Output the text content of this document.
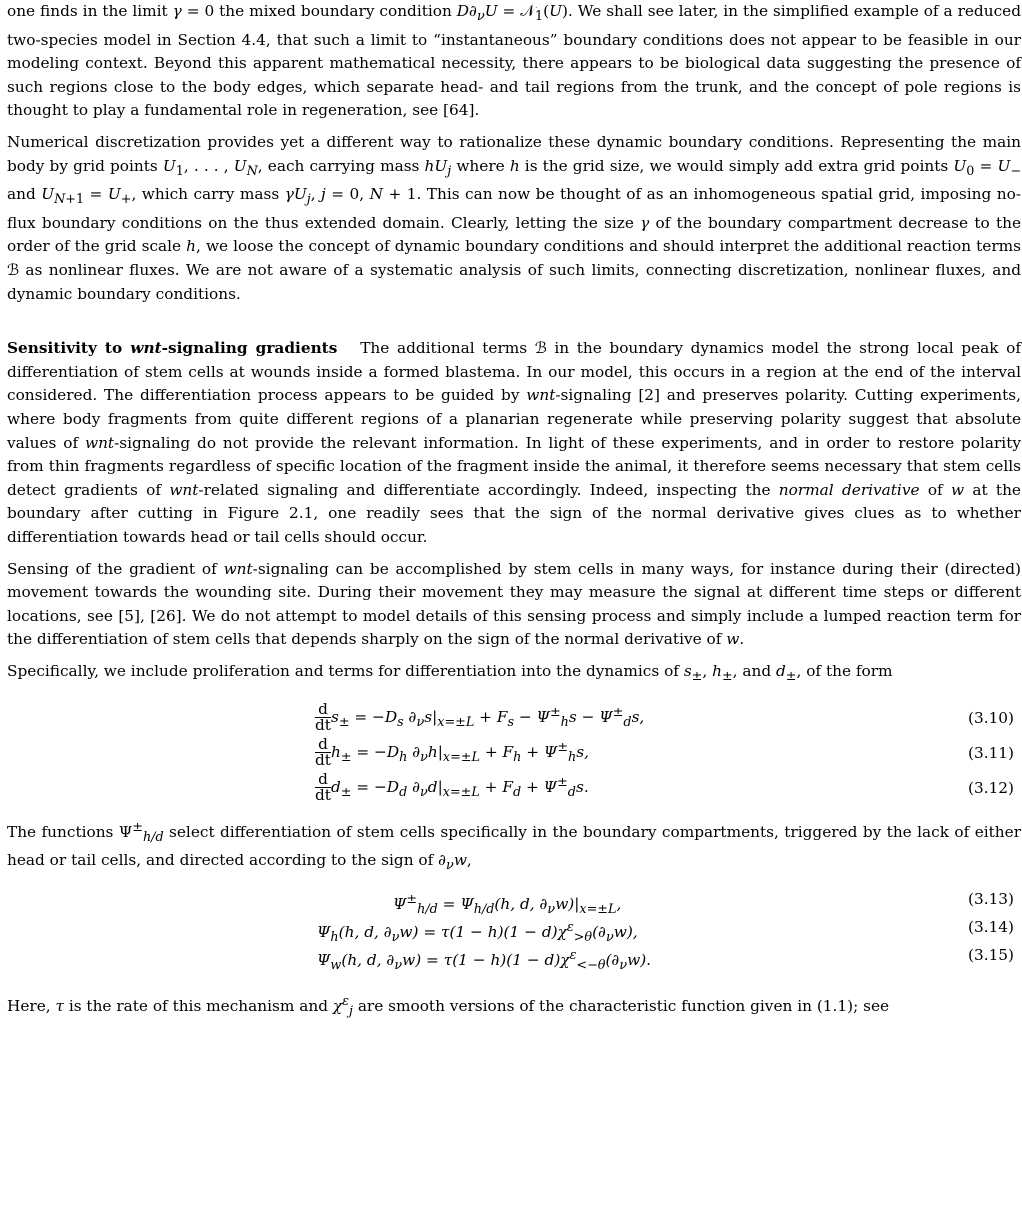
one finds in the limit γ = 0 the mixed boundary condition $D\partial_\nu U$ = 𝒩$_1$(U). We shall see later, in the simplified example of a reduced two-species model in Section 4.4, that such a limit to “instantaneous” boundary conditions does not appear to be feasible in our modeling context. Beyond this apparent mathematical necessity, there appears to be biological data suggesting the presence of such regions close to the body edges, which separate head- and tail regions from the trunk, and the concept of pole regions is thought to play a fundamental role in regeneration, see [64].

Numerical discretization provides yet a different way to rationalize these dynamic boundary conditions. Representing the main body by grid points $U_1$, . . . , $U_N$, each carrying mass $hU_j$ where h is the grid size, we would simply add extra grid points $U_0 = U_-$ and $U_{N+1} = U_+$, which carry mass $\gamma U_j$, j = 0, N + 1. This can now be thought of as an inhomogeneous spatial grid, imposing no-flux boundary conditions on the thus extended domain. Clearly, letting the size γ of the boundary compartment decrease to the order of the grid scale h, we loose the concept of dynamic boundary conditions and should interpret the additional reaction terms ℬ as nonlinear fluxes. We are not aware of a systematic analysis of such limits, connecting discretization, nonlinear fluxes, and dynamic boundary conditions.

Sensitivity to wnt-signaling gradients   The additional terms ℬ in the boundary dynamics model the strong local peak of differentiation of stem cells at wounds inside a formed blastema. In our model, this occurs in a region at the end of the interval considered. The differentiation process appears to be guided by wnt-signaling [2] and preserves polarity. Cutting experiments, where body fragments from quite different regions of a planarian regenerate while preserving polarity suggest that absolute values of wnt-signaling do not provide the relevant information. In light of these experiments, and in order to restore polarity from thin fragments regardless of specific location of the fragment inside the animal, it therefore seems necessary that stem cells detect gradients of wnt-related signaling and differentiate accordingly. Indeed, inspecting the normal derivative of w at the boundary after cutting in Figure 2.1, one readily sees that the sign of the normal derivative gives clues as to whether differentiation towards head or tail cells should occur.

Sensing of the gradient of wnt-signaling can be accomplished by stem cells in many ways, for instance during their (directed) movement towards the wounding site. During their movement they may measure the signal at different time steps or different locations, see [5], [26]. We do not attempt to model details of this sensing process and simply include a lumped reaction term for the differentiation of stem cells that depends sharply on the sign of the normal derivative of w.

Specifically, we include proliferation and terms for differentiation into the dynamics of $s_\pm$, $h_\pm$, and $d_\pm$, of the form

$\frac{d}{dt} s_\pm = -D_s$ $\partial_\nu s|_{x=\pm L} + F_s - \Psi^\pm_hs - \Psi^\pm_ds$,	(3.10)
$\frac{d}{dt} h_\pm = -D_h$ $\partial_\nu h|_{x=\pm L} + F_h + \Psi^\pm_hs$,	(3.11)
$\frac{d}{dt} d_\pm = -D_d$ $\partial_\nu d|_{x=\pm L} + F_d + \Psi^\pm_ds$.	(3.12)

The functions $\Psi^\pm_{h/d}$ select differentiation of stem cells specifically in the boundary compartments, triggered by the lack of either head or tail cells, and directed according to the sign of $\partial_\nu w$,

$\Psi^\pm_{h/d} = \Psi_{h/d}(h$, d, $\partial_\nu w)|_{x=\pm L}$,	(3.13)
$\Psi_h(h$, d, $\partial_\nu w) = \tau(1 - h)(1 - d)\chi^\varepsilon_{>\theta}(\partial_\nu w)$,	(3.14)
$\Psi_w(h$, d, $\partial_\nu w) = \tau(1 - h)(1 - d)\chi^\varepsilon_{<-\theta}(\partial_\nu w)$.	(3.15)

Here, τ is the rate of this mechanism and $\chi^\varepsilon_j$ are smooth versions of the characteristic function given in (1.1); see
